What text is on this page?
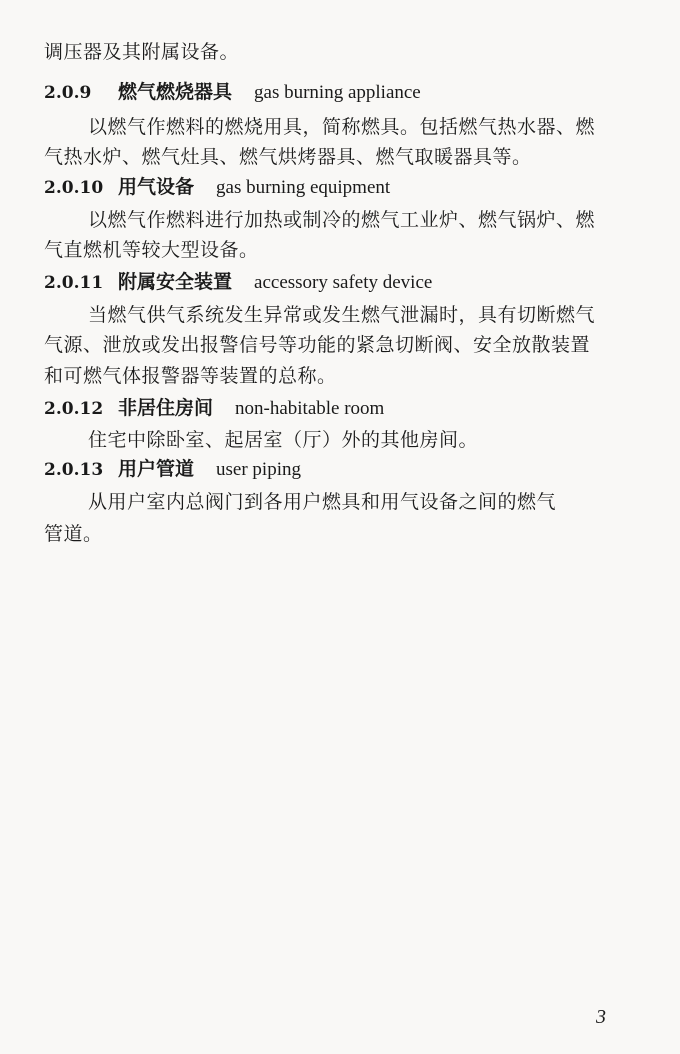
调压器及其附属设备。
2.0.9 燃气燃烧器具 gas burning appliance
以燃气作燃料的燃烧用具，简称燃具。包括燃气热水器、燃
气热水炉、燃气灶具、燃气烘烤器具、燃气取暖器具等。
2.0.10 用气设备 gas burning equipment
以燃气作燃料进行加热或制冷的燃气工业炉、燃气锅炉、燃
气直燃机等较大型设备。
2.0.11 附属安全装置 accessory safety device
当燃气供气系统发生异常或发生燃气泄漏时，具有切断燃气
气源、泄放或发出报警信号等功能的紧急切断阀、安全放散装置
和可燃气体报警器等装置的总称。
2.0.12 非居住房间 non-habitable room
住宅中除卧室、起居室（厅）外的其他房间。
2.0.13 用户管道 user piping
从用户室内总阀门到各用户燃具和用气设备之间的燃气
管道。
3
